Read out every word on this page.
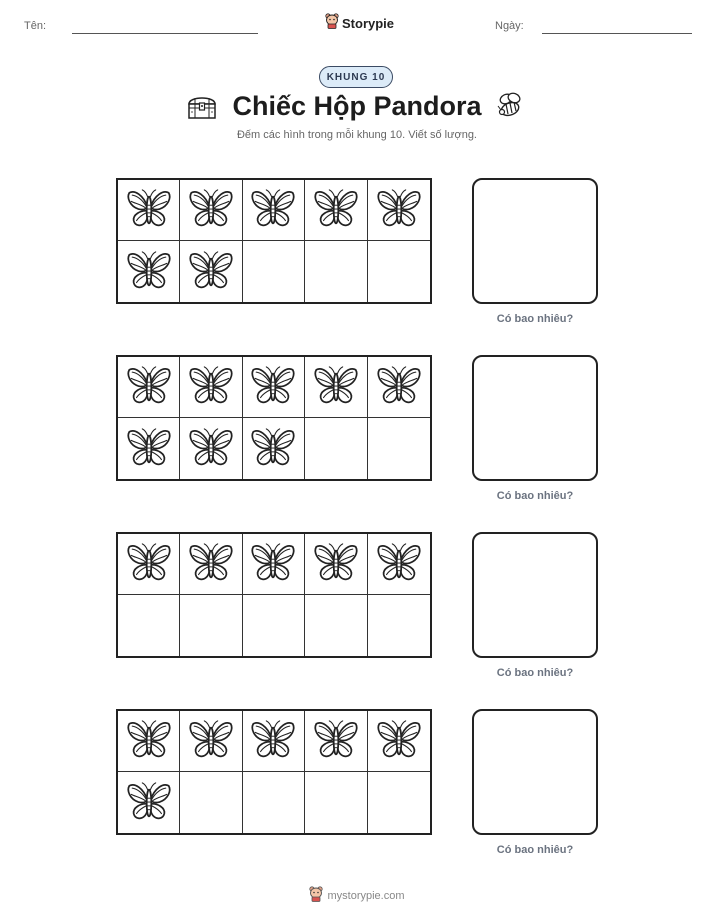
Tên:	Storypie	Ngày:
KHUNG 10
Chiếc Hộp Pandora
Đếm các hình trong mỗi khung 10. Viết số lượng.
Có bao nhiêu?
Có bao nhiêu?
Có bao nhiêu?
Có bao nhiêu?
mystorypie.com
